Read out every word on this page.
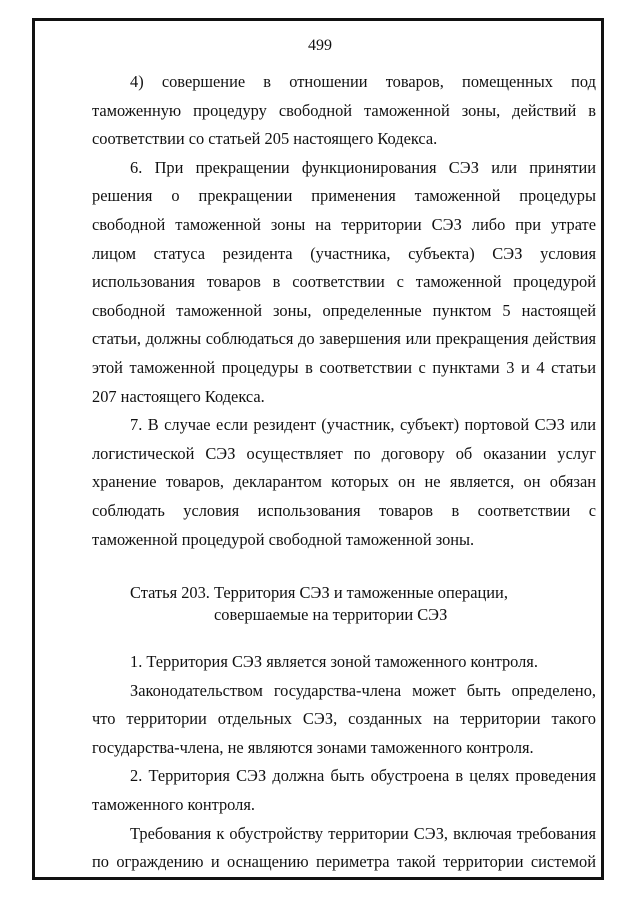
499

4) совершение в отношении товаров, помещенных под таможенную процедуру свободной таможенной зоны, действий в соответствии со статьей 205 настоящего Кодекса.

6. При прекращении функционирования СЭЗ или принятии решения о прекращении применения таможенной процедуры свободной таможенной зоны на территории СЭЗ либо при утрате лицом статуса резидента (участника, субъекта) СЭЗ условия использования товаров в соответствии с таможенной процедурой свободной таможенной зоны, определенные пунктом 5 настоящей статьи, должны соблюдаться до завершения или прекращения действия этой таможенной процедуры в соответствии с пунктами 3 и 4 статьи 207 настоящего Кодекса.

7. В случае если резидент (участник, субъект) портовой СЭЗ или логистической СЭЗ осуществляет по договору об оказании услуг хранение товаров, декларантом которых он не является, он обязан соблюдать условия использования товаров в соответствии с таможенной процедурой свободной таможенной зоны.

Статья 203. Территория СЭЗ и таможенные операции,
совершаемые на территории СЭЗ

1. Территория СЭЗ является зоной таможенного контроля.

Законодательством государства-члена может быть определено, что территории отдельных СЭЗ, созданных на территории такого государства-члена, не являются зонами таможенного контроля.

2. Территория СЭЗ должна быть обустроена в целях проведения таможенного контроля.

Требования к обустройству территории СЭЗ, включая требования по ограждению и оснащению периметра такой территории системой
